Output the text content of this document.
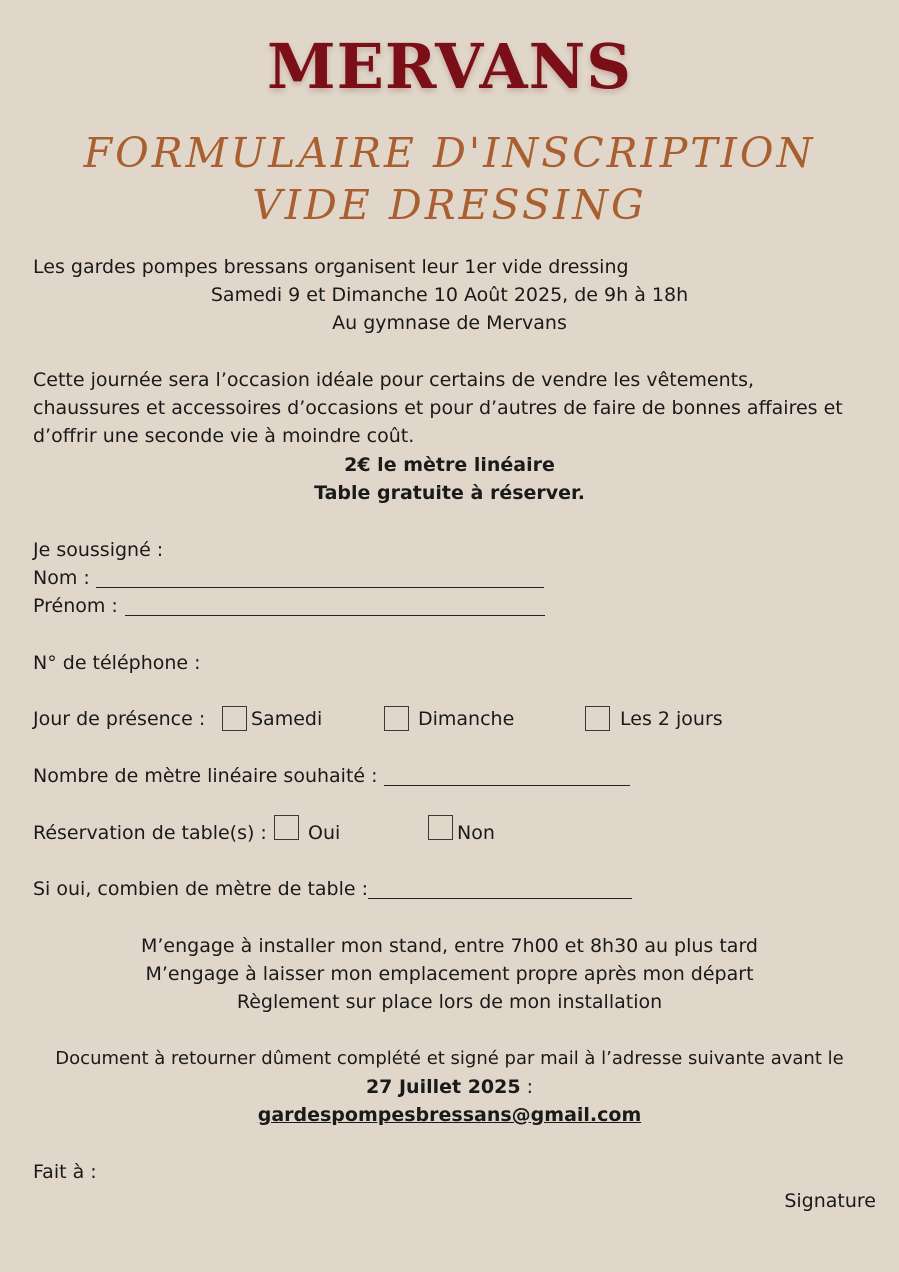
MERVANS
FORMULAIRE D'INSCRIPTION
VIDE DRESSING
Les gardes pompes bressans organisent leur 1er vide dressing
Samedi 9 et Dimanche 10 Août 2025, de 9h à 18h
Au gymnase de Mervans
Cette journée sera l’occasion idéale pour certains de vendre les vêtements, chaussures et accessoires d’occasions et pour d’autres de faire de bonnes affaires et d’offrir une seconde vie à moindre coût.
2€ le mètre linéaire
Table gratuite à réserver.
Je soussigné :
Nom :
Prénom :
N° de téléphone :
Jour de présence : Samedi	Dimanche	Les 2 jours
Nombre de mètre linéaire souhaité :
Réservation de table(s) : Oui	Non
Si oui, combien de mètre de table :
M’engage à installer mon stand, entre 7h00 et 8h30 au plus tard
M’engage à laisser mon emplacement propre après mon départ
Règlement sur place lors de mon installation
Document à retourner dûment complété et signé par mail à l’adresse suivante avant le
27 Juillet 2025 :
gardespompesbressans@gmail.com
Fait à :
Signature
